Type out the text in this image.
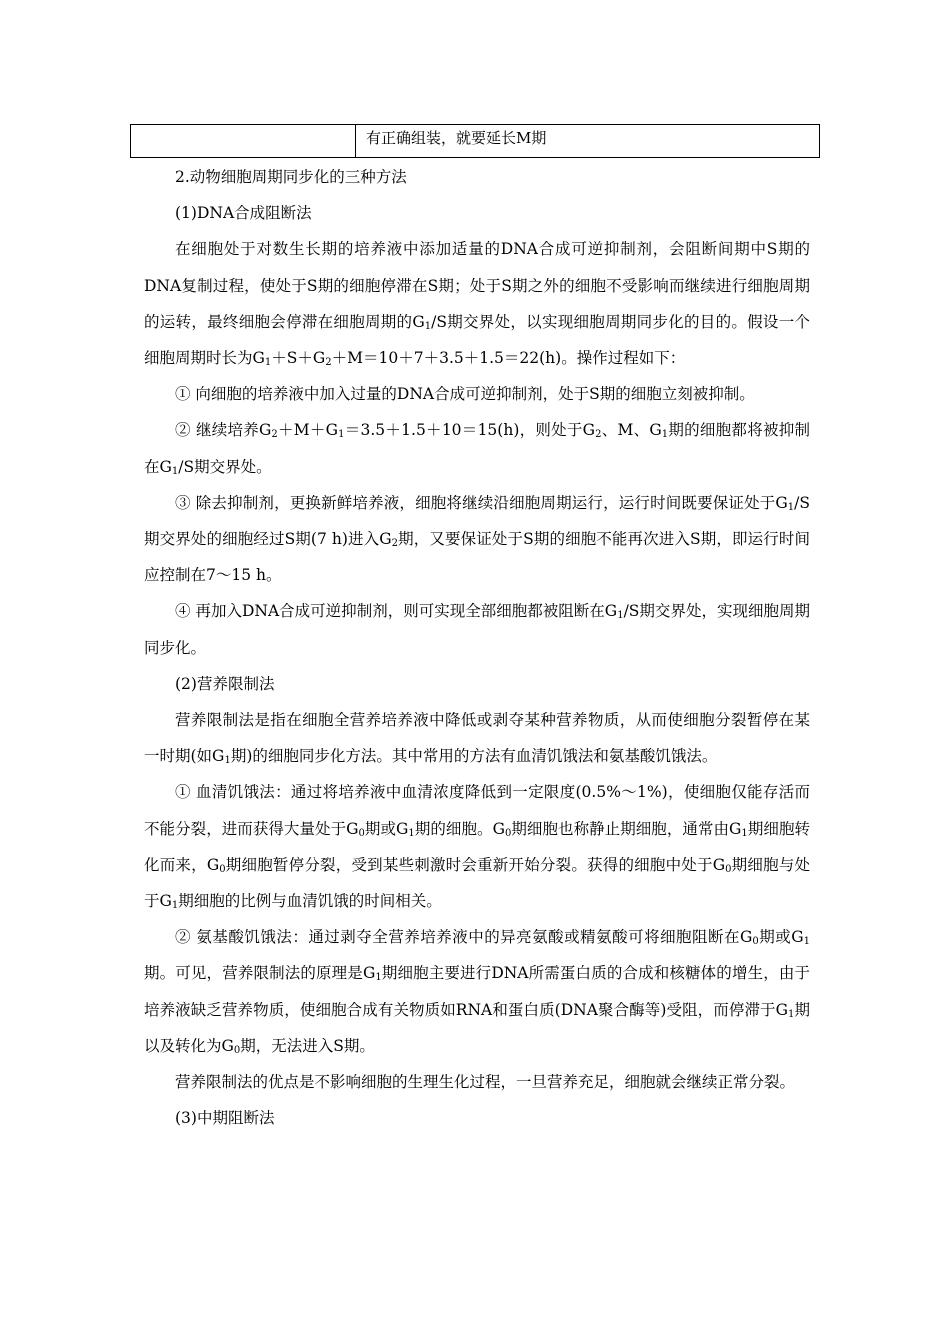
	有正确组装，就要延长M期

2.动物细胞周期同步化的三种方法

(1)DNA合成阻断法

在细胞处于对数生长期的培养液中添加适量的DNA合成可逆抑制剂，会阻断间期中S期的DNA复制过程，使处于S期的细胞停滞在S期；处于S期之外的细胞不受影响而继续进行细胞周期的运转，最终细胞会停滞在细胞周期的$G_1/S$期交界处，以实现细胞周期同步化的目的。假设一个细胞周期时长为$G_1+S+G_2+M=10+7+3.5+1.5=22(h)$。操作过程如下：

① 向细胞的培养液中加入过量的DNA合成可逆抑制剂，处于S期的细胞立刻被抑制。

② 继续培养$G_2+M+G_1=3.5+1.5+10=15(h)$，则处于$G_2$、M、$G_1$期的细胞都将被抑制在$G_1/S$期交界处。

③ 除去抑制剂，更换新鲜培养液，细胞将继续沿细胞周期运行，运行时间既要保证处于$G_1/S$期交界处的细胞经过S期(7 h)进入$G_2$期，又要保证处于S期的细胞不能再次进入S期，即运行时间应控制在7～15 h。

④ 再加入DNA合成可逆抑制剂，则可实现全部细胞都被阻断在$G_1/S$期交界处，实现细胞周期同步化。

(2)营养限制法

营养限制法是指在细胞全营养培养液中降低或剥夺某种营养物质，从而使细胞分裂暂停在某一时期(如$G_1$期)的细胞同步化方法。其中常用的方法有血清饥饿法和氨基酸饥饿法。

① 血清饥饿法：通过将培养液中血清浓度降低到一定限度(0.5%～1%)，使细胞仅能存活而不能分裂，进而获得大量处于$G_0$期或$G_1$期的细胞。$G_0$期细胞也称静止期细胞，通常由$G_1$期细胞转化而来，$G_0$期细胞暂停分裂，受到某些刺激时会重新开始分裂。获得的细胞中处于$G_0$期细胞与处于$G_1$期细胞的比例与血清饥饿的时间相关。

② 氨基酸饥饿法：通过剥夺全营养培养液中的异亮氨酸或精氨酸可将细胞阻断在$G_0$期或$G_1$期。可见，营养限制法的原理是$G_1$期细胞主要进行DNA所需蛋白质的合成和核糖体的增生，由于培养液缺乏营养物质，使细胞合成有关物质如RNA和蛋白质(DNA聚合酶等)受阻，而停滞于$G_1$期以及转化为$G_0$期，无法进入S期。

营养限制法的优点是不影响细胞的生理生化过程，一旦营养充足，细胞就会继续正常分裂。

(3)中期阻断法
